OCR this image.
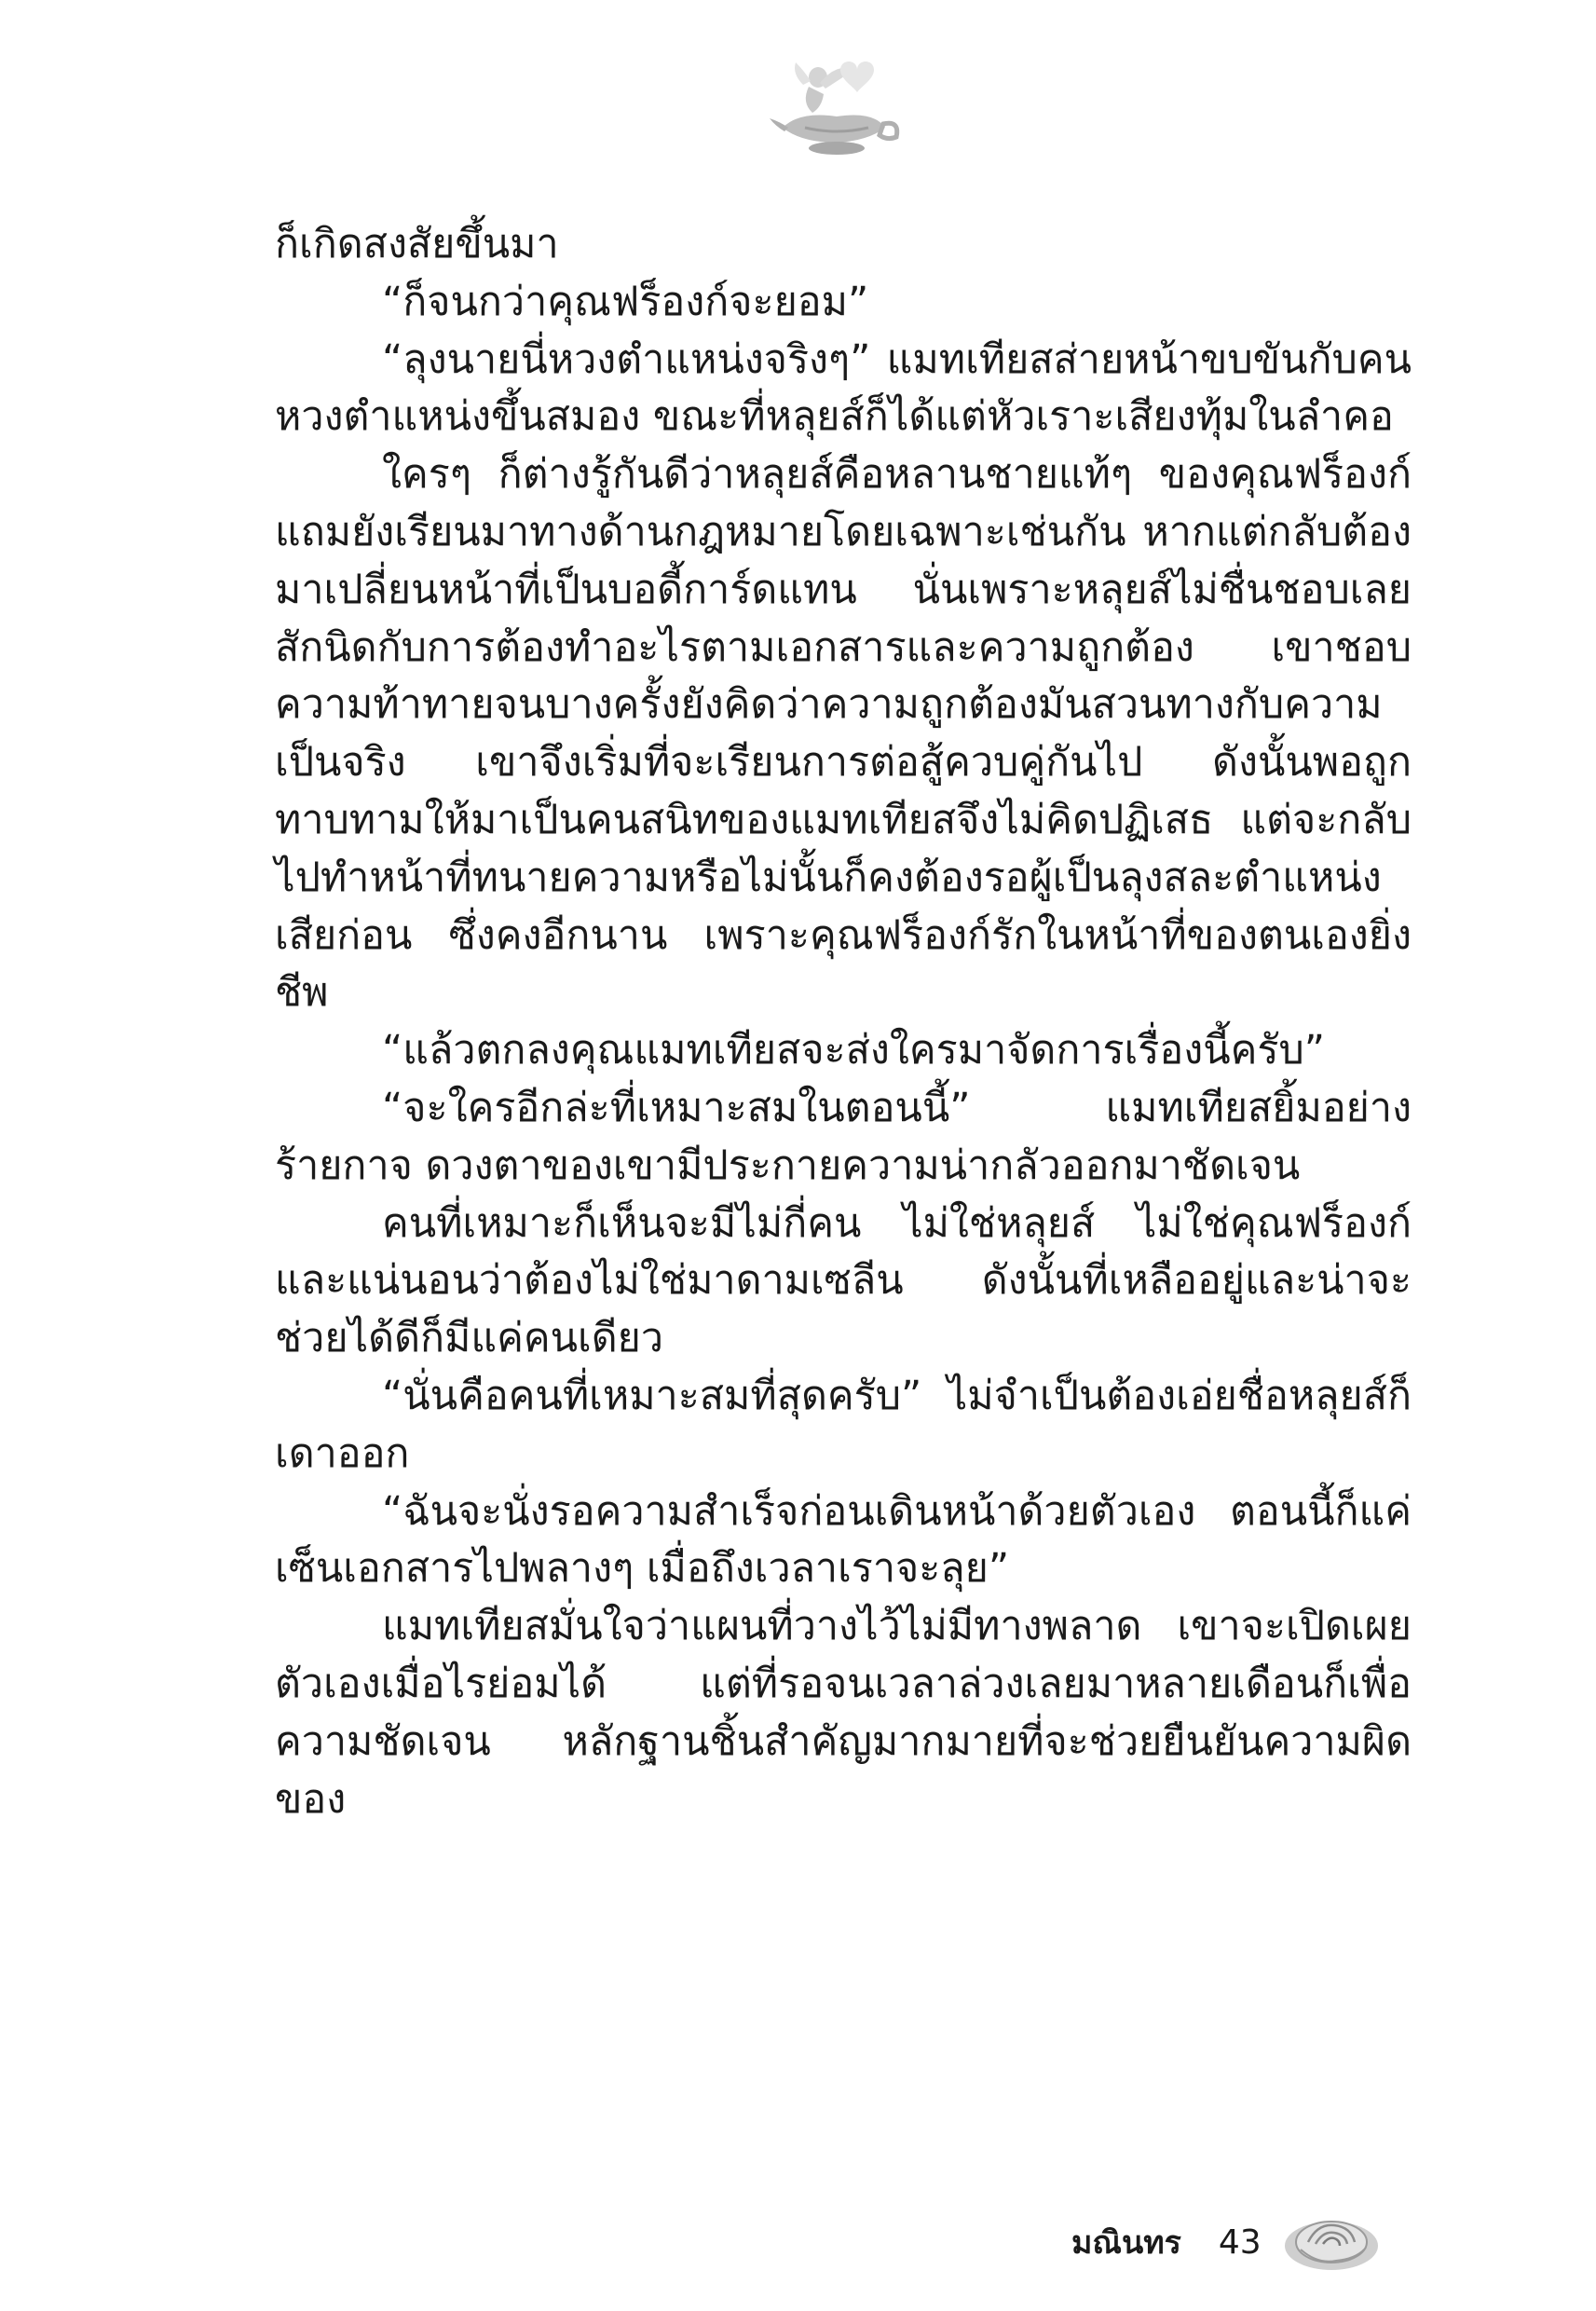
ก็เกิดสงสัยขึ้นมา

“ก็จนกว่าคุณฟร็องก์จะยอม”

“ลุงนายนี่หวงตำแหน่งจริงๆ” แมทเทียสส่ายหน้าขบขันกับคนหวงตำแหน่งขึ้นสมอง ขณะที่หลุยส์ก็ได้แต่หัวเราะเสียงทุ้มในลำคอ

ใครๆ ก็ต่างรู้กันดีว่าหลุยส์คือหลานชายแท้ๆ ของคุณฟร็องก์แถมยังเรียนมาทางด้านกฎหมายโดยเฉพาะเช่นกัน หากแต่กลับต้องมาเปลี่ยนหน้าที่เป็นบอดี้การ์ดแทน นั่นเพราะหลุยส์ไม่ชื่นชอบเลยสักนิดกับการต้องทำอะไรตามเอกสารและความถูกต้อง เขาชอบความท้าทายจนบางครั้งยังคิดว่าความถูกต้องมันสวนทางกับความเป็นจริง เขาจึงเริ่มที่จะเรียนการต่อสู้ควบคู่กันไป ดังนั้นพอถูกทาบทามให้มาเป็นคนสนิทของแมทเทียสจึงไม่คิดปฏิเสธ แต่จะกลับไปทำหน้าที่ทนายความหรือไม่นั้นก็คงต้องรอผู้เป็นลุงสละตำแหน่งเสียก่อน ซึ่งคงอีกนาน เพราะคุณฟร็องก์รักในหน้าที่ของตนเองยิ่งชีพ

“แล้วตกลงคุณแมทเทียสจะส่งใครมาจัดการเรื่องนี้ครับ”

“จะใครอีกล่ะที่เหมาะสมในตอนนี้” แมทเทียสยิ้มอย่างร้ายกาจ ดวงตาของเขามีประกายความน่ากลัวออกมาชัดเจน

คนที่เหมาะก็เห็นจะมีไม่กี่คน ไม่ใช่หลุยส์ ไม่ใช่คุณฟร็องก์และแน่นอนว่าต้องไม่ใช่มาดามเซลีน ดังนั้นที่เหลืออยู่และน่าจะช่วยได้ดีก็มีแค่คนเดียว

“นั่นคือคนที่เหมาะสมที่สุดครับ” ไม่จำเป็นต้องเอ่ยชื่อหลุยส์ก็เดาออก

“ฉันจะนั่งรอความสำเร็จก่อนเดินหน้าด้วยตัวเอง ตอนนี้ก็แค่เซ็นเอกสารไปพลางๆ เมื่อถึงเวลาเราจะลุย”

แมทเทียสมั่นใจว่าแผนที่วางไว้ไม่มีทางพลาด เขาจะเปิดเผยตัวเองเมื่อไรย่อมได้ แต่ที่รอจนเวลาล่วงเลยมาหลายเดือนก็เพื่อความชัดเจน หลักฐานชิ้นสำคัญมากมายที่จะช่วยยืนยันความผิดของ

มณินทร 43
